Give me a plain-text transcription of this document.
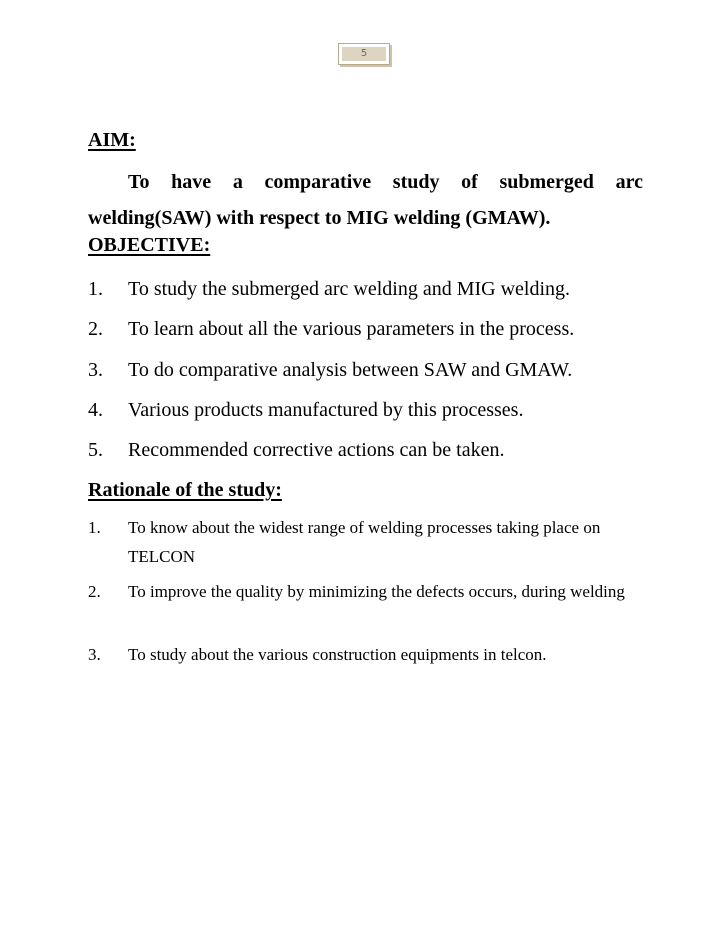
5
AIM:
To have a comparative study of submerged arc
welding(SAW) with respect to MIG welding (GMAW).
OBJECTIVE:
1. To study the submerged arc welding and MIG welding.
2. To learn about all the various parameters in the process.
3. To do comparative analysis between SAW and GMAW.
4. Various products manufactured by this processes.
5. Recommended corrective actions can be taken.
Rationale of the study:
1. To know about the widest range of welding processes taking place on TELCON
2. To improve the quality by minimizing the defects occurs, during welding
3. To study about the various construction equipments in telcon.
